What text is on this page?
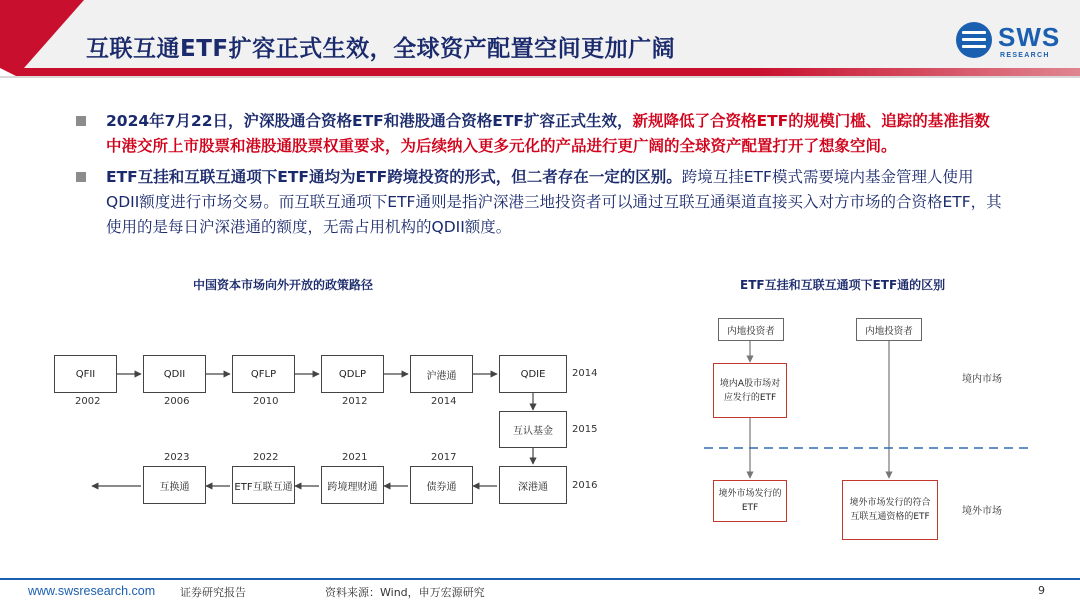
互联互通ETF扩容正式生效，全球资产配置空间更加广阔	SWS
RESEARCH
2024年7月22日，沪深股通合资格ETF和港股通合资格ETF扩容正式生效，新规降低了合资格ETF的规模门槛、追踪的基准指数中港交所上市股票和港股通股票权重要求，为后续纳入更多元化的产品进行更广阔的全球资产配置打开了想象空间。
ETF互挂和互联互通项下ETF通均为ETF跨境投资的形式，但二者存在一定的区别。跨境互挂ETF模式需要境内基金管理人使用QDII额度进行市场交易。而互联互通项下ETF通则是指沪深港三地投资者可以通过互联互通渠道直接买入对方市场的合资格ETF，其使用的是每日沪深港通的额度，无需占用机构的QDII额度。
中国资本市场向外开放的政策路径	ETF互挂和互联互通项下ETF通的区别
QFII	QDII	QFLP	QDLP	沪港通	QDIE
2002	2006	2010	2012	2014
2014
互认基金	2015
深港通
债券通
跨境理财通
ETF互联互通
互换通	2016
2017
2021
2022
2023
内地投资者	内地投资者
境内A股市场对应发行的ETF
境外市场发行的ETF	境外市场发行的符合互联互通资格的ETF
境内市场
境外市场
www.swsresearch.com 证券研究报告	资料来源：Wind，申万宏源研究	9
